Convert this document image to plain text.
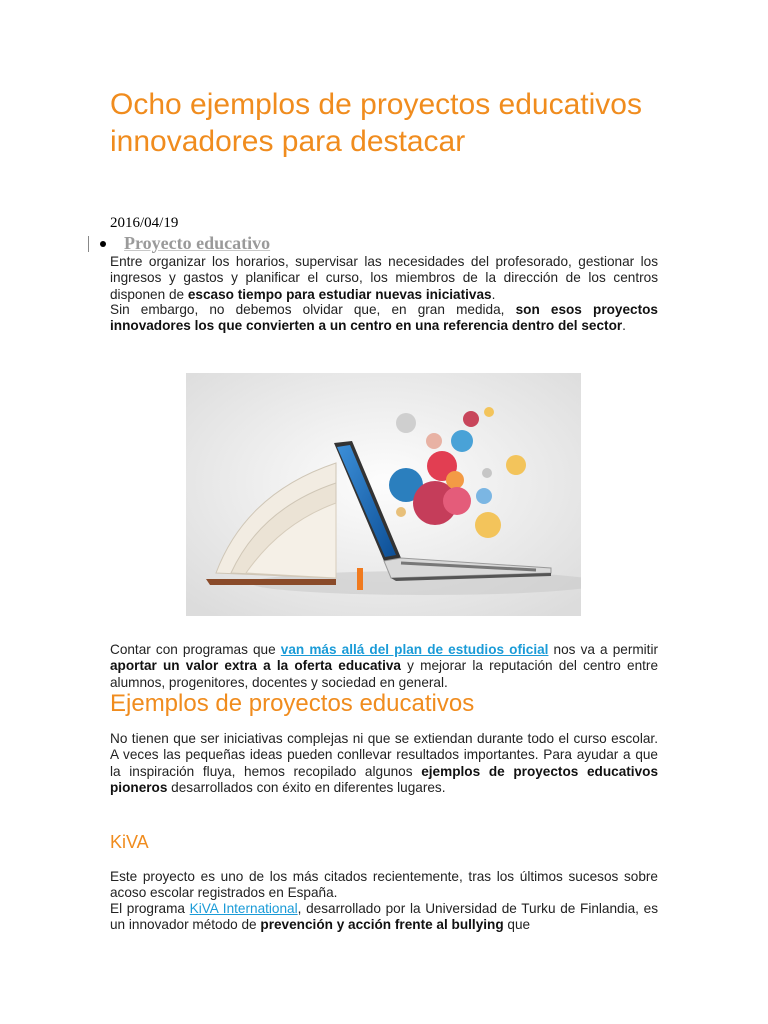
Ocho ejemplos de proyectos educativos innovadores para destacar
2016/04/19
Proyecto educativo
Entre organizar los horarios, supervisar las necesidades del profesorado, gestionar los ingresos y gastos y planificar el curso, los miembros de la dirección de los centros disponen de escaso tiempo para estudiar nuevas iniciativas.
Sin embargo, no debemos olvidar que, en gran medida, son esos proyectos innovadores los que convierten a un centro en una referencia dentro del sector.
Contar con programas que van más allá del plan de estudios oficial nos va a permitir aportar un valor extra a la oferta educativa y mejorar la reputación del centro entre alumnos, progenitores, docentes y sociedad en general.
Ejemplos de proyectos educativos
No tienen que ser iniciativas complejas ni que se extiendan durante todo el curso escolar. A veces las pequeñas ideas pueden conllevar resultados importantes. Para ayudar a que la inspiración fluya, hemos recopilado algunos ejemplos de proyectos educativos pioneros desarrollados con éxito en diferentes lugares.
KiVA
Este proyecto es uno de los más citados recientemente, tras los últimos sucesos sobre acoso escolar registrados en España.
El programa KiVA International, desarrollado por la Universidad de Turku de Finlandia, es un innovador método de prevención y acción frente al bullying que
